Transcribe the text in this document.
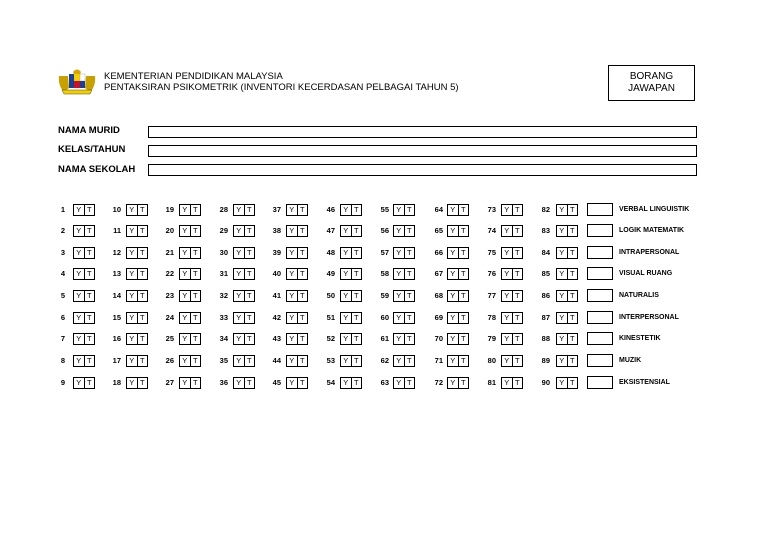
KEMENTERIAN PENDIDIKAN MALAYSIA
PENTAKSIRAN PSIKOMETRIK (INVENTORI KECERDASAN PELBAGAI TAHUN 5)
BORANG
JAWAPAN
NAMA MURID
KELAS/TAHUN
NAMA SEKOLAH
1 Y T	10 Y T	19 Y T	28 Y T	37 Y T	46 Y T	55 Y T	64 Y T	73 Y T	82 Y T	VERBAL LINGUISTIK
2 Y T	11 Y T	20 Y T	29 Y T	38 Y T	47 Y T	56 Y T	65 Y T	74 Y T	83 Y T	LOGIK MATEMATIK
3 Y T	12 Y T	21 Y T	30 Y T	39 Y T	48 Y T	57 Y T	66 Y T	75 Y T	84 Y T	INTRAPERSONAL
4 Y T	13 Y T	22 Y T	31 Y T	40 Y T	49 Y T	58 Y T	67 Y T	76 Y T	85 Y T	VISUAL RUANG
5 Y T	14 Y T	23 Y T	32 Y T	41 Y T	50 Y T	59 Y T	68 Y T	77 Y T	86 Y T	NATURALIS
6 Y T	15 Y T	24 Y T	33 Y T	42 Y T	51 Y T	60 Y T	69 Y T	78 Y T	87 Y T	INTERPERSONAL
7 Y T	16 Y T	25 Y T	34 Y T	43 Y T	52 Y T	61 Y T	70 Y T	79 Y T	88 Y T	KINESTETIK
8 Y T	17 Y T	26 Y T	35 Y T	44 Y T	53 Y T	62 Y T	71 Y T	80 Y T	89 Y T	MUZIK
9 Y T	18 Y T	27 Y T	36 Y T	45 Y T	54 Y T	63 Y T	72 Y T	81 Y T	90 Y T	EKSISTENSIAL
